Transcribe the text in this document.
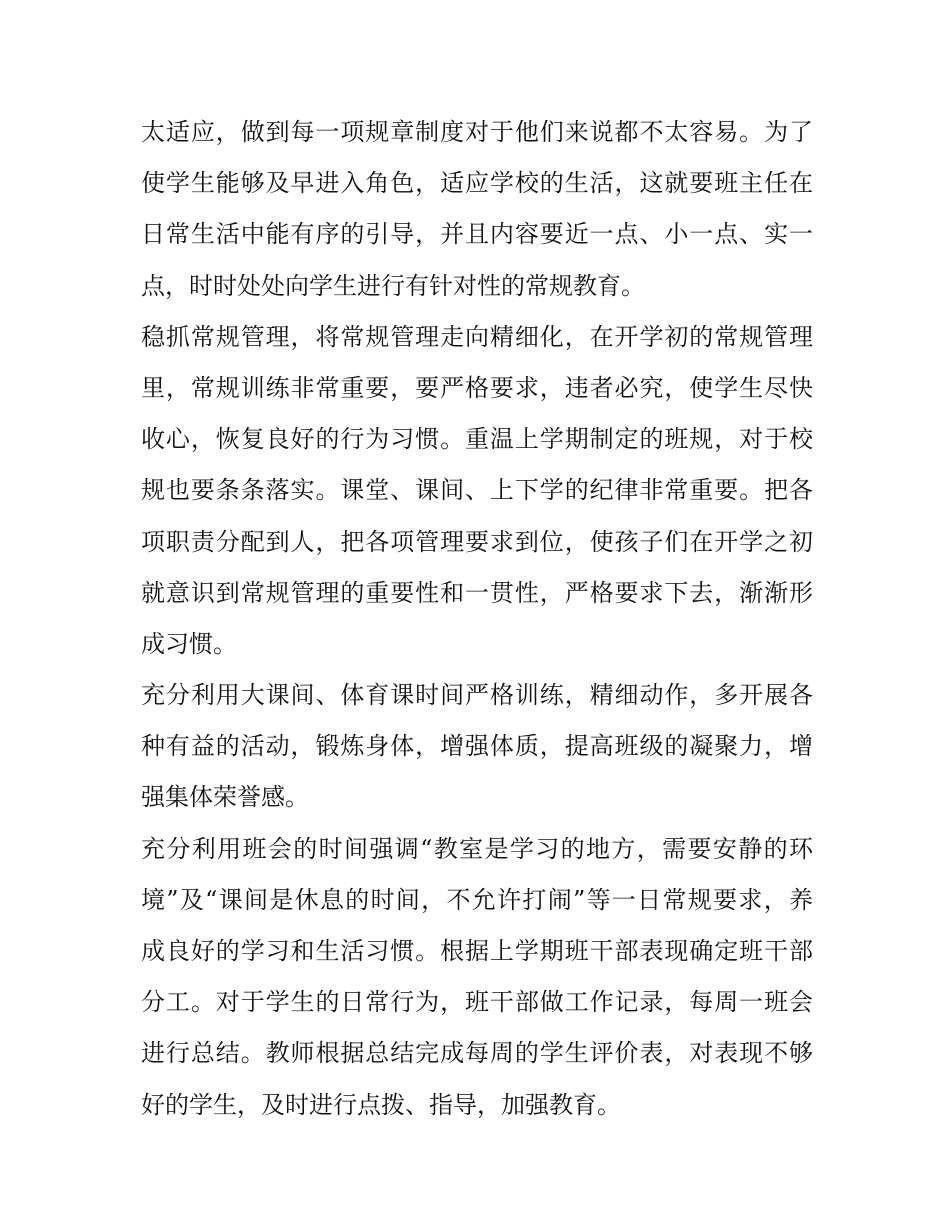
太适应，做到每一项规章制度对于他们来说都不太容易。为了
使学生能够及早进入角色，适应学校的生活，这就要班主任在
日常生活中能有序的引导，并且内容要近一点、小一点、实一
点，时时处处向学生进行有针对性的常规教育。
稳抓常规管理，将常规管理走向精细化，在开学初的常规管理
里，常规训练非常重要，要严格要求，违者必究，使学生尽快
收心，恢复良好的行为习惯。重温上学期制定的班规，对于校
规也要条条落实。课堂、课间、上下学的纪律非常重要。把各
项职责分配到人，把各项管理要求到位，使孩子们在开学之初
就意识到常规管理的重要性和一贯性，严格要求下去，渐渐形
成习惯。
充分利用大课间、体育课时间严格训练，精细动作，多开展各
种有益的活动，锻炼身体，增强体质，提高班级的凝聚力，增
强集体荣誉感。
充分利用班会的时间强调“教室是学习的地方，需要安静的环
境”及“课间是休息的时间，不允许打闹”等一日常规要求，养
成良好的学习和生活习惯。根据上学期班干部表现确定班干部
分工。对于学生的日常行为，班干部做工作记录，每周一班会
进行总结。教师根据总结完成每周的学生评价表，对表现不够
好的学生，及时进行点拨、指导，加强教育。
